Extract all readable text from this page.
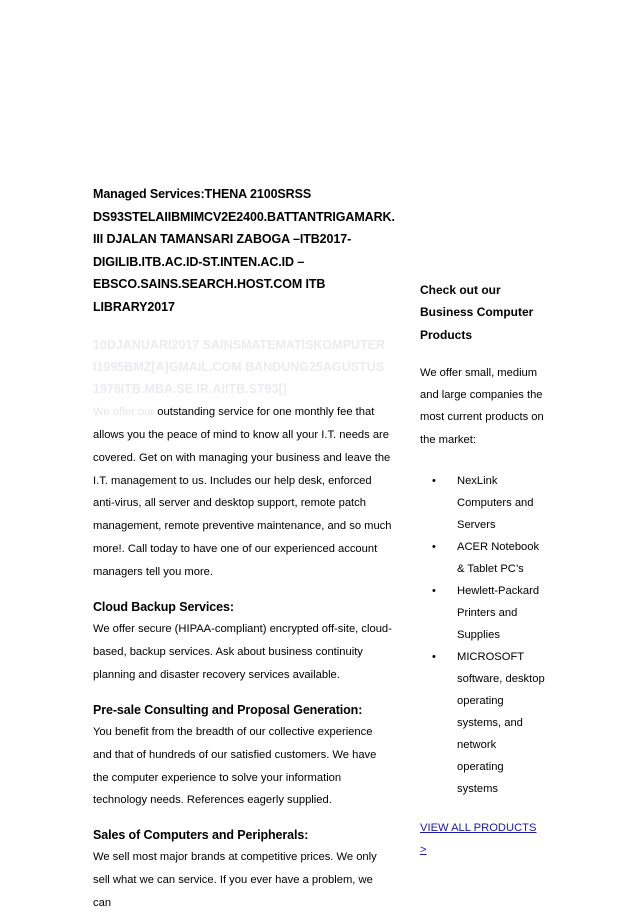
Managed Services:THENA 2100SRSS DS93STELAIIBMIMCV2E2400.BATTANTRIGAMARK. III DJALAN TAMANSARI ZABOGA –ITB2017-DIGILIB.ITB.AC.ID-ST.INTEN.AC.ID – EBSCO.SAINS.SEARCH.HOST.COM ITB LIBRARY2017
10DJANUARI2017 SAINSMATEMATISKOMPUTERI1995BMZ[A]GMAIL.COM BANDUNG25AGUSTUS1978ITB.MBA.SE.IR.AIITB.ST93[]

We offer our outstanding service for one monthly fee that allows you the peace of mind to know all your I.T. needs are covered. Get on with managing your business and leave the I.T. management to us. Includes our help desk, enforced anti-virus, all server and desktop support, remote patch management, remote preventive maintenance, and so much more!. Call today to have one of our experienced account managers tell you more.

Cloud Backup Services:

We offer secure (HIPAA-compliant) encrypted off-site, cloud-based, backup services. Ask about business continuity planning and disaster recovery services available.

Pre-sale Consulting and Proposal Generation:

You benefit from the breadth of our collective experience and that of hundreds of our satisfied customers. We have the computer experience to solve your information technology needs. References eagerly supplied.

Sales of Computers and Peripherals:

We sell most major brands at competitive prices. We only sell what we can service. If you ever have a problem, we can

Check out our Business Computer Products
We offer small, medium and large companies the most current products on the market:
• NexLink Computers and Servers
• ACER Notebook & Tablet PC’s
• Hewlett-Packard Printers and Supplies
• MICROSOFT software, desktop operating systems, and network operating systems
VIEW ALL PRODUCTS >
